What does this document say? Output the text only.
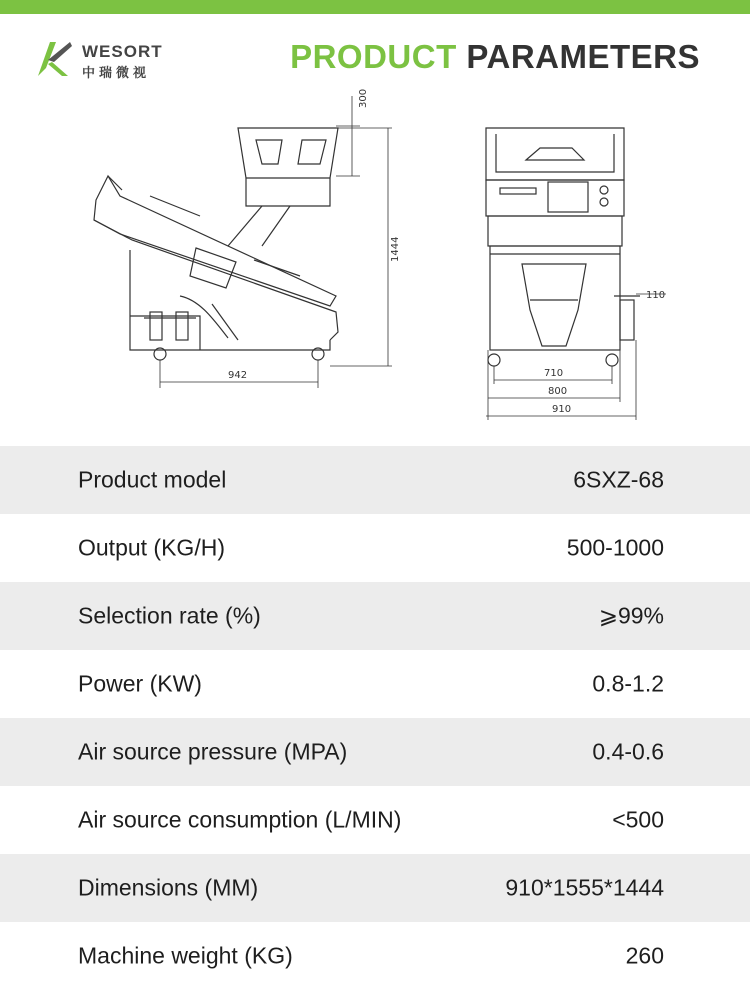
WESORT
中瑞微视	PRODUCT PARAMETERS
300
1444
942
110
710
800
910
Product model	6SXZ-68
Output (KG/H)	500-1000
Selection rate (%)	⩾99%
Power (KW)	0.8-1.2
Air source pressure (MPA)	0.4-0.6
Air source consumption (L/MIN)	<500
Dimensions (MM)	910*1555*1444
Machine weight (KG)	260
